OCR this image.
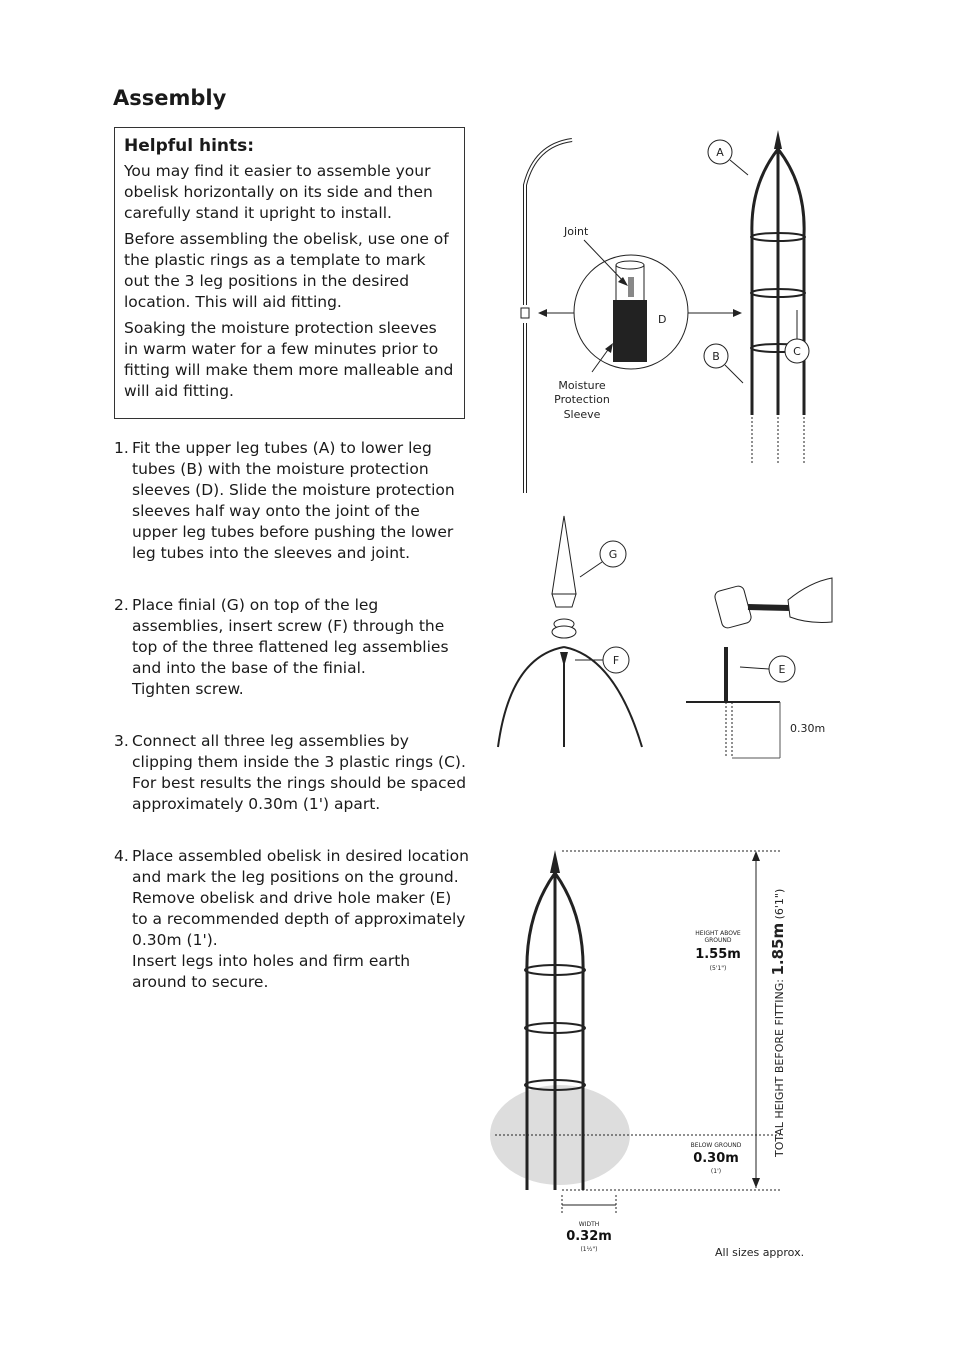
Assembly
Helpful hints:

You may find it easier to assemble your obelisk horizontally on its side and then carefully stand it upright to install.

Before assembling the obelisk, use one of the plastic rings as a template to mark out the 3 leg positions in the desired location. This will aid fitting.

Soaking the moisture protection sleeves in warm water for a few minutes prior to fitting will make them more malleable and will aid fitting.

1. Fit the upper leg tubes (A) to lower leg tubes (B) with the moisture protection sleeves (D). Slide the moisture protection sleeves half way onto the joint of the upper leg tubes before pushing the lower leg tubes into the sleeves and joint.
2. Place finial (G) on top of the leg assemblies, insert screw (F) through the top of the three flattened leg assemblies and into the base of the finial.
Tighten screw.
3. Connect all three leg assemblies by clipping them inside the 3 plastic rings (C). For best results the rings should be spaced approximately 0.30m (1') apart.
4. Place assembled obelisk in desired location and mark the leg positions on the ground. Remove obelisk and drive hole maker (E) to a recommended depth of approximately 0.30m (1').
Insert legs into holes and firm earth around to secure.
Joint
D
Moisture
Protection
Sleeve
A
B	C
G
F
E
0.30m
HEIGHT ABOVE
GROUND
1.55m
(5'1")
BELOW GROUND
0.30m
(1')
WIDTH
0.32m
(1¹⁄₂")
TOTAL HEIGHT BEFORE FITTING: 1.85m (6'1")
All sizes approx.
